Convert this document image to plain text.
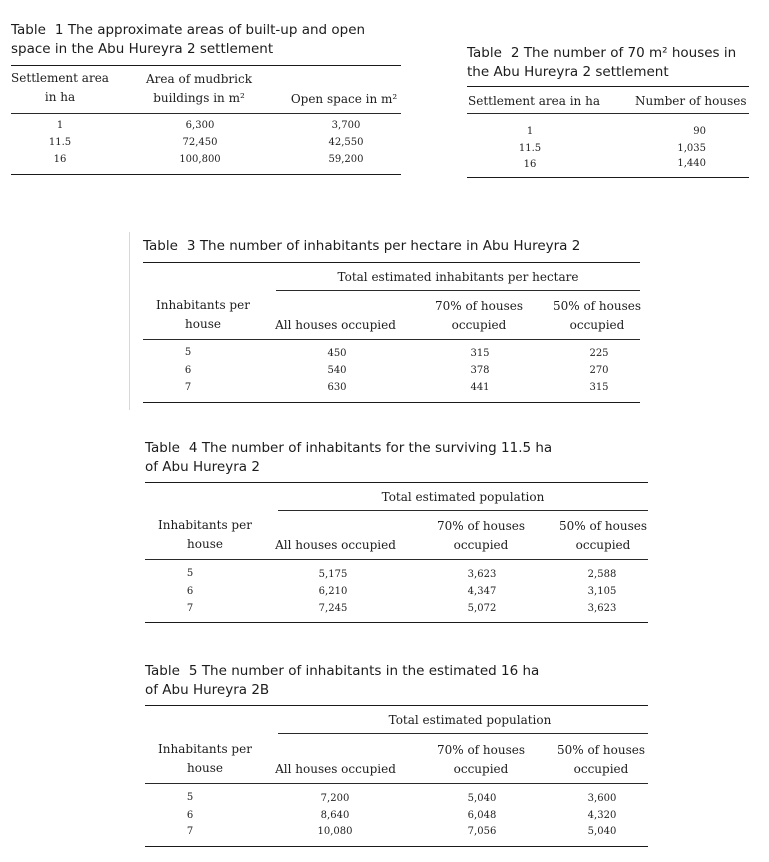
Table 1 The approximate areas of built-up and open
space in the Abu Hureyra 2 settlement
Settlement area
in ha
Area of mudbrick
buildings in m²	Open space in m²
1	6,300	3,700
11.5	72,450	42,550
16	100,800	59,200
Table 2 The number of 70 m² houses in
the Abu Hureyra 2 settlement
Settlement area in ha	Number of houses
1	90
11.5	1,035
16	1,440
Table 3 The number of inhabitants per hectare in Abu Hureyra 2
Total estimated inhabitants per hectare
Inhabitants per
house	All houses occupied
70% of houses
occupied
50% of houses
occupied
5	450	315	225
6	540	378	270
7	630	441	315
Table 4 The number of inhabitants for the surviving 11.5 ha
of Abu Hureyra 2
Total estimated population
Inhabitants per
house	All houses occupied
70% of houses
occupied
50% of houses
occupied
5	5,175	3,623	2,588
6	6,210	4,347	3,105
7	7,245	5,072	3,623
Table 5 The number of inhabitants in the estimated 16 ha
of Abu Hureyra 2B
Total estimated population
Inhabitants per
house	All houses occupied
70% of houses
occupied
50% of houses
occupied
5	7,200	5,040	3,600
6	8,640	6,048	4,320
7	10,080	7,056	5,040
